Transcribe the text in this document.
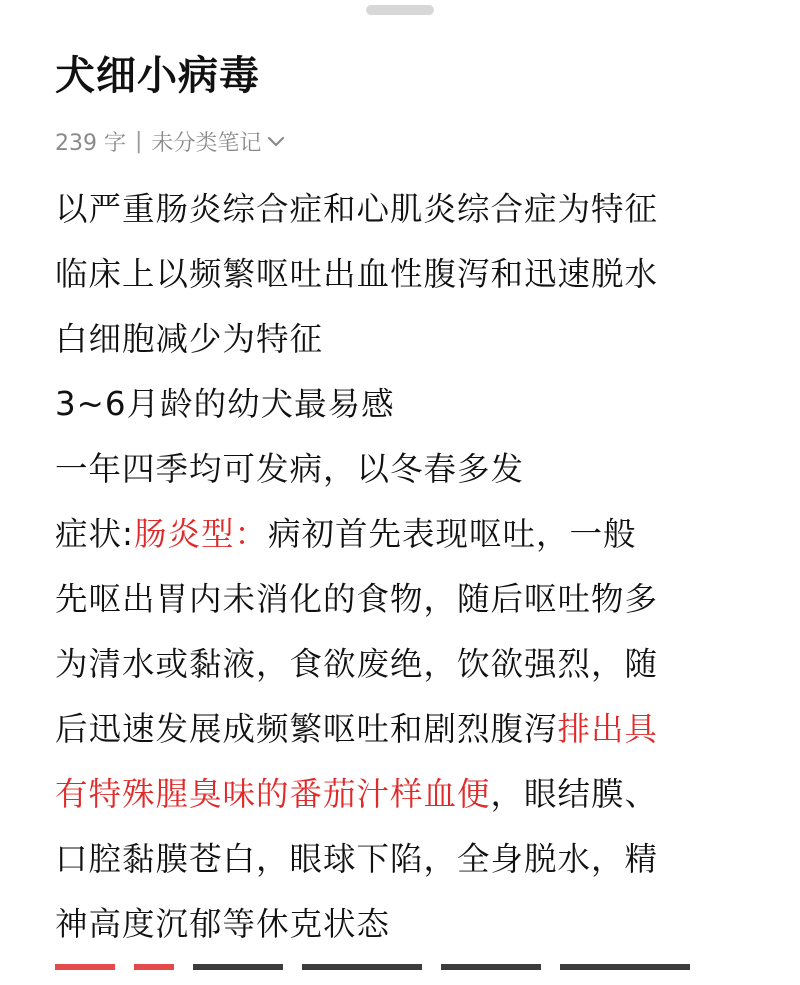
犬细小病毒
239 字 | 未分类笔记
以严重肠炎综合症和心肌炎综合症为特征
临床上以频繁呕吐出血性腹泻和迅速脱水
白细胞减少为特征
3~6月龄的幼犬最易感
一年四季均可发病，以冬春多发
症状:肠炎型：病初首先表现呕吐，一般
先呕出胃内未消化的食物，随后呕吐物多
为清水或黏液，食欲废绝，饮欲强烈，随
后迅速发展成频繁呕吐和剧烈腹泻排出具
有特殊腥臭味的番茄汁样血便，眼结膜、
口腔黏膜苍白，眼球下陷，全身脱水，精
神高度沉郁等休克状态
